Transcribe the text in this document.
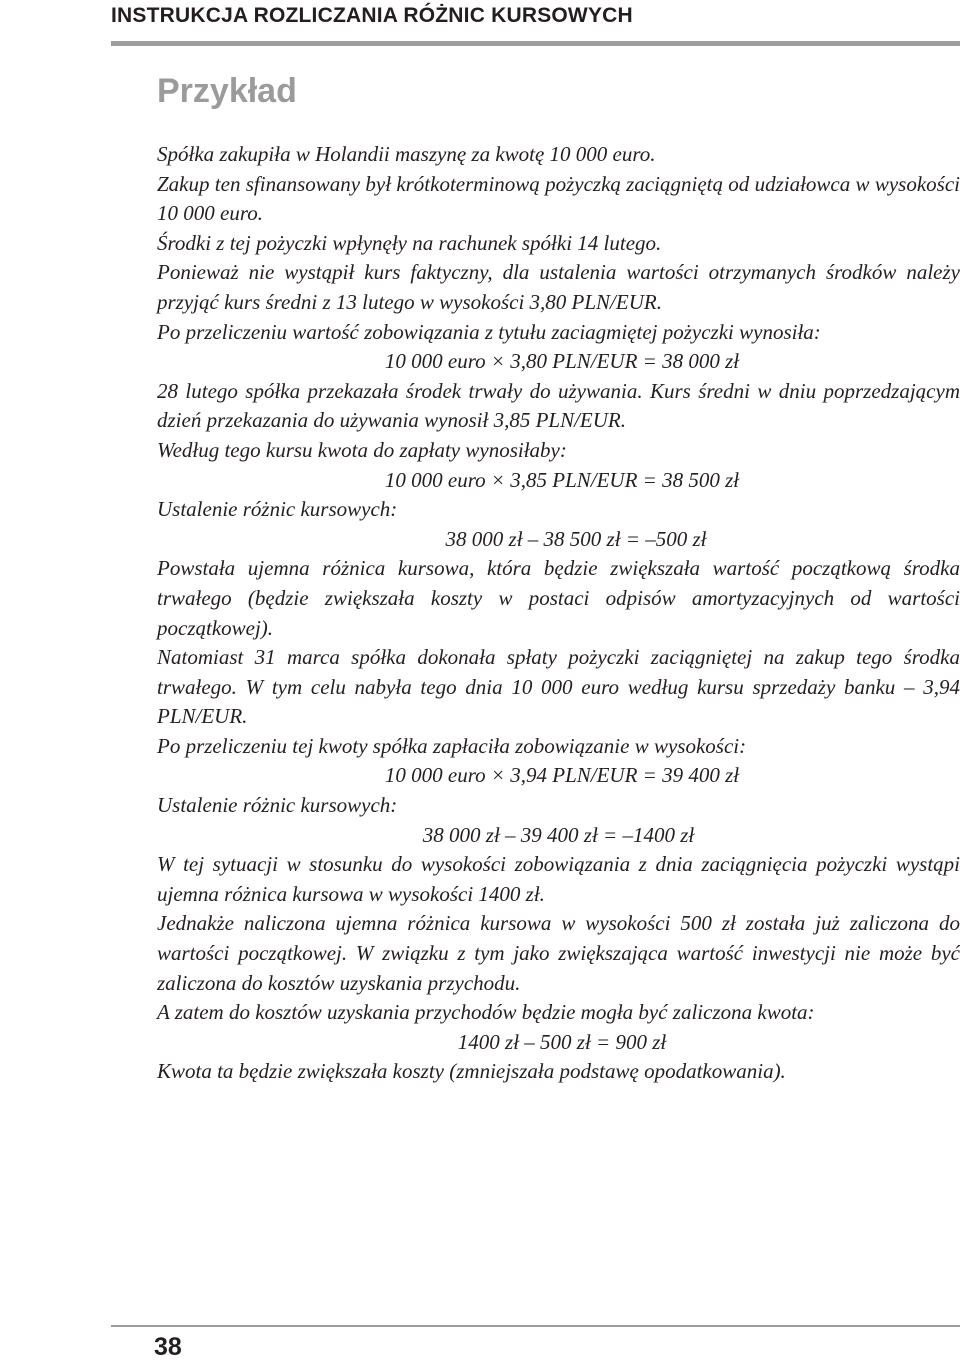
INSTRUKCJA ROZLICZANIA RÓŻNIC KURSOWYCH
Przykład

Spółka zakupiła w Holandii maszynę za kwotę 10 000 euro.

Zakup ten sfinansowany był krótkoterminową pożyczką zaciągniętą od udziałowca w wysokości 10 000 euro.

Środki z tej pożyczki wpłynęły na rachunek spółki 14 lutego.

Ponieważ nie wystąpił kurs faktyczny, dla ustalenia wartości otrzymanych środków należy przyjąć kurs średni z 13 lutego w wysokości 3,80 PLN/EUR.

Po przeliczeniu wartość zobowiązania z tytułu zaciagmiętej pożyczki wynosiła:

10 000 euro × 3,80 PLN/EUR = 38 000 zł

28 lutego spółka przekazała środek trwały do używania. Kurs średni w dniu poprzedzającym dzień przekazania do używania wynosił 3,85 PLN/EUR.

Według tego kursu kwota do zapłaty wynosiłaby:

10 000 euro × 3,85 PLN/EUR = 38 500 zł

Ustalenie różnic kursowych:

38 000 zł – 38 500 zł = –500 zł

Powstała ujemna różnica kursowa, która będzie zwiększała wartość początkową środka trwałego (będzie zwiększała koszty w postaci odpisów amortyzacyjnych od wartości początkowej).

Natomiast 31 marca spółka dokonała spłaty pożyczki zaciągniętej na zakup tego środka trwałego. W tym celu nabyła tego dnia 10 000 euro według kursu sprzedaży banku – 3,94 PLN/EUR.

Po przeliczeniu tej kwoty spółka zapłaciła zobowiązanie w wysokości:

10 000 euro × 3,94 PLN/EUR = 39 400 zł

Ustalenie różnic kursowych:

38 000 zł – 39 400 zł = –1400 zł

W tej sytuacji w stosunku do wysokości zobowiązania z dnia zaciągnięcia pożyczki wystąpi ujemna różnica kursowa w wysokości 1400 zł.

Jednakże naliczona ujemna różnica kursowa w wysokości 500 zł została już zaliczona do wartości początkowej. W związku z tym jako zwiększająca wartość inwestycji nie może być zaliczona do kosztów uzyskania przychodu.

A zatem do kosztów uzyskania przychodów będzie mogła być zaliczona kwota:

1400 zł – 500 zł = 900 zł

Kwota ta będzie zwiększała koszty (zmniejszała podstawę opodatkowania).

38
